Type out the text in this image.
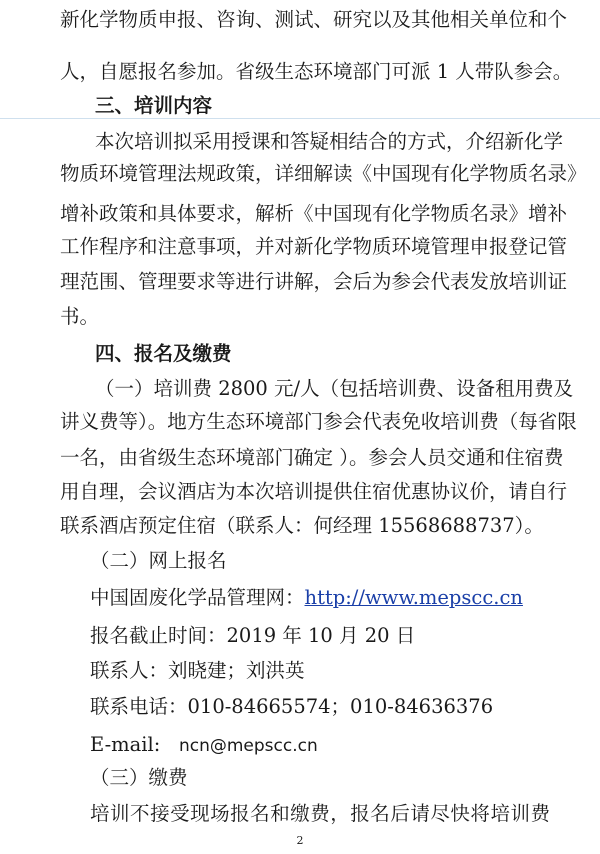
新化学物质申报、咨询、测试、研究以及其他相关单位和个
人，自愿报名参加。省级生态环境部门可派 1 人带队参会。
三、培训内容
本次培训拟采用授课和答疑相结合的方式，介绍新化学
物质环境管理法规政策，详细解读《中国现有化学物质名录》
增补政策和具体要求，解析《中国现有化学物质名录》增补
工作程序和注意事项，并对新化学物质环境管理申报登记管
理范围、管理要求等进行讲解，会后为参会代表发放培训证
书。
四、报名及缴费
（一）培训费 2800 元/人（包括培训费、设备租用费及
讲义费等）。地方生态环境部门参会代表免收培训费（每省限
一名，由省级生态环境部门确定 ）。参会人员交通和住宿费
用自理，会议酒店为本次培训提供住宿优惠协议价，请自行
联系酒店预定住宿（联系人：何经理 15568688737）。
（二）网上报名
中国固废化学品管理网：http://www.mepscc.cn
报名截止时间：2019 年 10 月 20 日
联系人：刘晓建；刘洪英
联系电话：010-84665574；010-84636376
E-mail: ncn@mepscc.cn
（三）缴费
培训不接受现场报名和缴费，报名后请尽快将培训费
2
